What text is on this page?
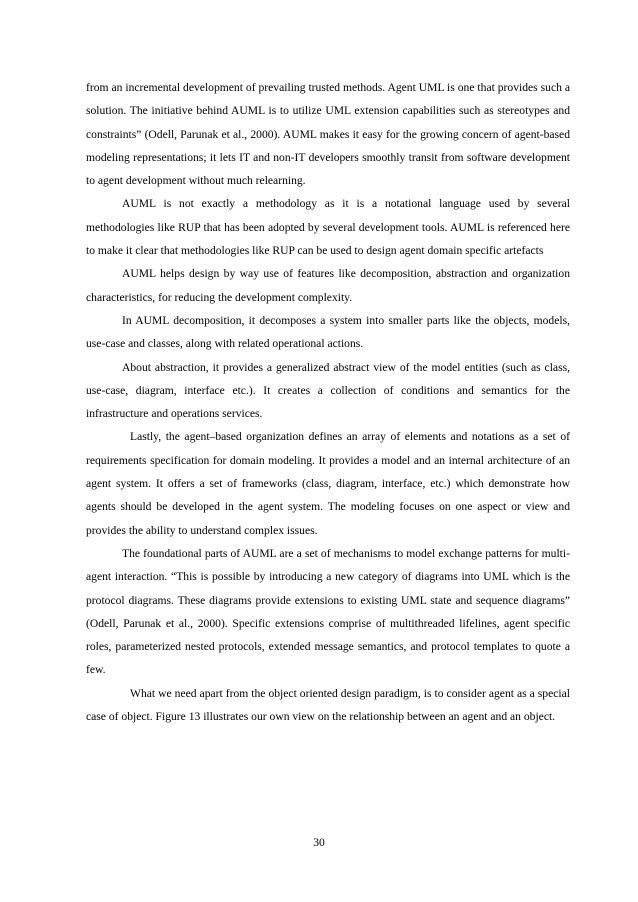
from an incremental development of prevailing trusted methods. Agent UML is one that provides such a solution. The initiative behind AUML is to utilize UML extension capabilities such as stereotypes and constraints” (Odell, Parunak et al., 2000). AUML makes it easy for the growing concern of agent-based modeling representations; it lets IT and non-IT developers smoothly transit from software development to agent development without much relearning.

AUML is not exactly a methodology as it is a notational language used by several methodologies like RUP that has been adopted by several development tools. AUML is referenced here to make it clear that methodologies like RUP can be used to design agent domain specific artefacts

AUML helps design by way use of features like decomposition, abstraction and organization characteristics, for reducing the development complexity.

In AUML decomposition, it decomposes a system into smaller parts like the objects, models, use-case and classes, along with related operational actions.

About abstraction, it provides a generalized abstract view of the model entities (such as class, use-case, diagram, interface etc.). It creates a collection of conditions and semantics for the infrastructure and operations services.

Lastly, the agent–based organization defines an array of elements and notations as a set of requirements specification for domain modeling. It provides a model and an internal architecture of an agent system. It offers a set of frameworks (class, diagram, interface, etc.) which demonstrate how agents should be developed in the agent system. The modeling focuses on one aspect or view and provides the ability to understand complex issues.

The foundational parts of AUML are a set of mechanisms to model exchange patterns for multi-agent interaction. “This is possible by introducing a new category of diagrams into UML which is the protocol diagrams. These diagrams provide extensions to existing UML state and sequence diagrams” (Odell, Parunak et al., 2000). Specific extensions comprise of multithreaded lifelines, agent specific roles, parameterized nested protocols, extended message semantics, and protocol templates to quote a few.

What we need apart from the object oriented design paradigm, is to consider agent as a special case of object. Figure 13 illustrates our own view on the relationship between an agent and an object.

30
